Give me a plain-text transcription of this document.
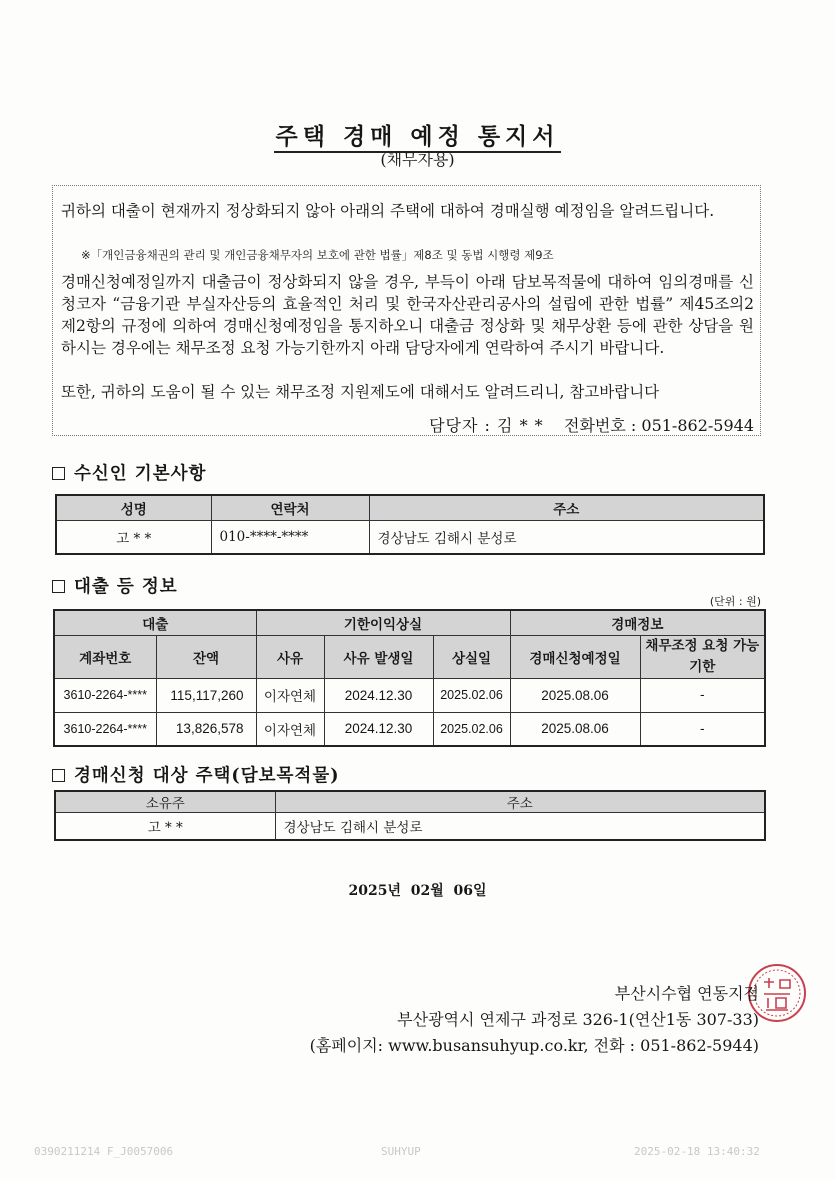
주택 경매 예정 통지서
(채무자용)
귀하의 대출이 현재까지 정상화되지 않아 아래의 주택에 대하여 경매실행 예정임을 알려드립니다.
※「개인금융채권의 관리 및 개인금융채무자의 보호에 관한 법률」제8조 및 동법 시행령 제9조
경매신청예정일까지 대출금이 정상화되지 않을 경우, 부득이 아래 담보목적물에 대하여 임의경매를 신청코자 “금융기관 부실자산등의 효율적인 처리 및 한국자산관리공사의 설립에 관한 법률” 제45조의2 제2항의 규정에 의하여 경매신청예정임을 통지하오니 대출금 정상화 및 채무상환 등에 관한 상담을 원하시는 경우에는 채무조정 요청 가능기한까지 아래 담당자에게 연락하여 주시기 바랍니다.
또한, 귀하의 도움이 될 수 있는 채무조정 지원제도에 대해서도 알려드리니, 참고바랍니다
담당자 : 김 * * 전화번호 : 051-862-5944
수신인 기본사항
성명	연락처	주소
고 * *	010-****-****	경상남도 김해시 분성로
대출 등 정보
(단위 : 원)
대출		기한이익상실			경매정보	
계좌번호	잔액	사유	사유 발생일	상실일	경매신청예정일	채무조정 요청 가능기한
3610-2264-****	115,117,260	이자연체	2024.12.30	2025.02.06	2025.08.06	-
3610-2264-****	13,826,578	이자연체	2024.12.30	2025.02.06	2025.08.06	-
경매신청 대상 주택(담보목적물)
소유주	주소
고 * *	경상남도 김해시 분성로
2025년  02월  06일
부산시수협 연동지점
부산광역시 연제구 과정로 326-1(연산1동 307-33)
(홈페이지: www.busansuhyup.co.kr, 전화 : 051-862-5944)
0390211214 F_J0057006	SUHYUP	2025-02-18 13:40:32
